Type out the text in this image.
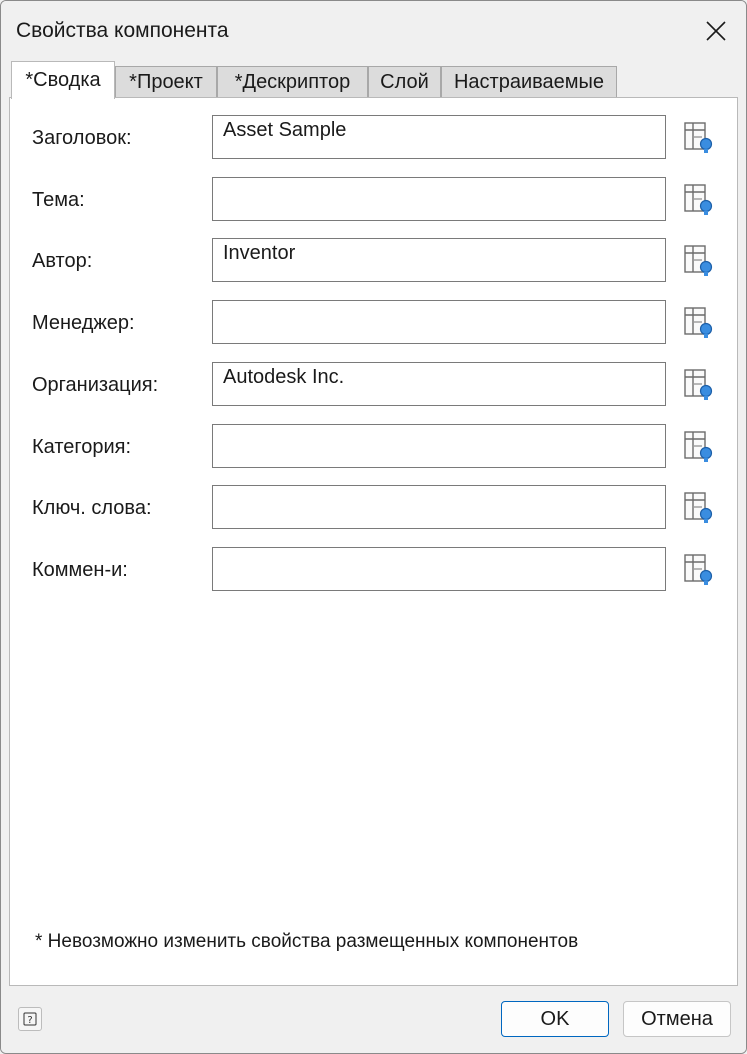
Свойства компонента
*Сводка	*Проект	*Дескриптор	Слой	Настраиваемые
Заголовок:
Asset Sample
Тема:
Автор:
Inventor
Менеджер:
Организация:
Autodesk Inc.
Категория:
Ключ. слова:
Коммен-и:
* Невозможно изменить свойства размещенных компонентов
?	OK	Отмена
